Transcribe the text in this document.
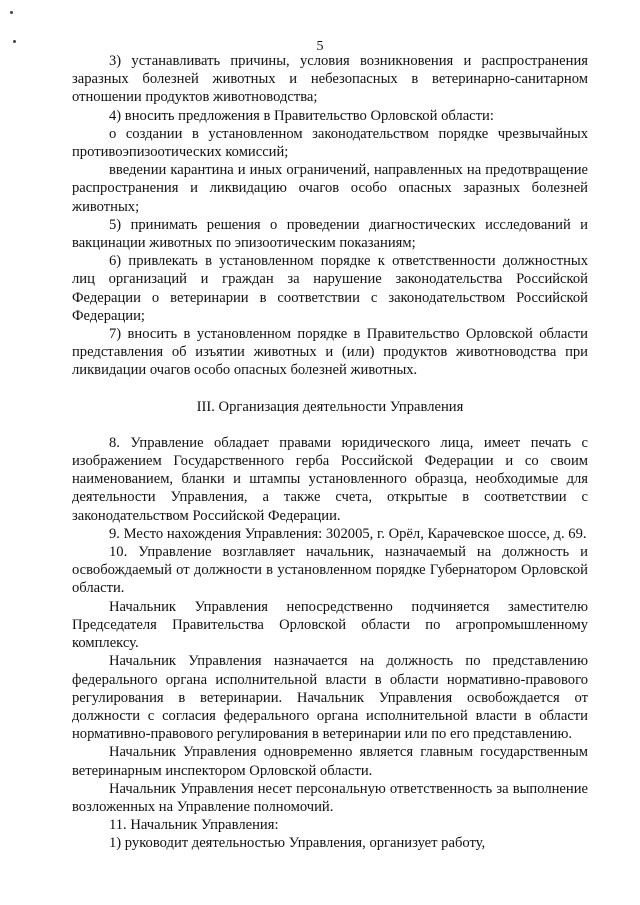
5

3) устанавливать причины, условия возникновения и распространения заразных болезней животных и небезопасных в ветеринарно-санитарном отношении продуктов животноводства;

4) вносить предложения в Правительство Орловской области:

о создании в установленном законодательством порядке чрезвычайных противоэпизоотических комиссий;

введении карантина и иных ограничений, направленных на предотвращение распространения и ликвидацию очагов особо опасных заразных болезней животных;

5) принимать решения о проведении диагностических исследований и вакцинации животных по эпизоотическим показаниям;

6) привлекать в установленном порядке к ответственности должностных лиц организаций и граждан за нарушение законодательства Российской Федерации о ветеринарии в соответствии с законодательством Российской Федерации;

7) вносить в установленном порядке в Правительство Орловской области представления об изъятии животных и (или) продуктов животноводства при ликвидации очагов особо опасных болезней животных.

III. Организация деятельности Управления

8. Управление обладает правами юридического лица, имеет печать с изображением Государственного герба Российской Федерации и со своим наименованием, бланки и штампы установленного образца, необходимые для деятельности Управления, а также счета, открытые в соответствии с законодательством Российской Федерации.

9. Место нахождения Управления: 302005, г. Орёл, Карачевское шоссе, д. 69.

10. Управление возглавляет начальник, назначаемый на должность и освобождаемый от должности в установленном порядке Губернатором Орловской области.

Начальник Управления непосредственно подчиняется заместителю Председателя Правительства Орловской области по агропромышленному комплексу.

Начальник Управления назначается на должность по представлению федерального органа исполнительной власти в области нормативно-правового регулирования в ветеринарии. Начальник Управления освобождается от должности с согласия федерального органа исполнительной власти в области нормативно-правового регулирования в ветеринарии или по его представлению.

Начальник Управления одновременно является главным государственным ветеринарным инспектором Орловской области.

Начальник Управления несет персональную ответственность за выполнение возложенных на Управление полномочий.

11. Начальник Управления:

1) руководит деятельностью Управления, организует работу,
